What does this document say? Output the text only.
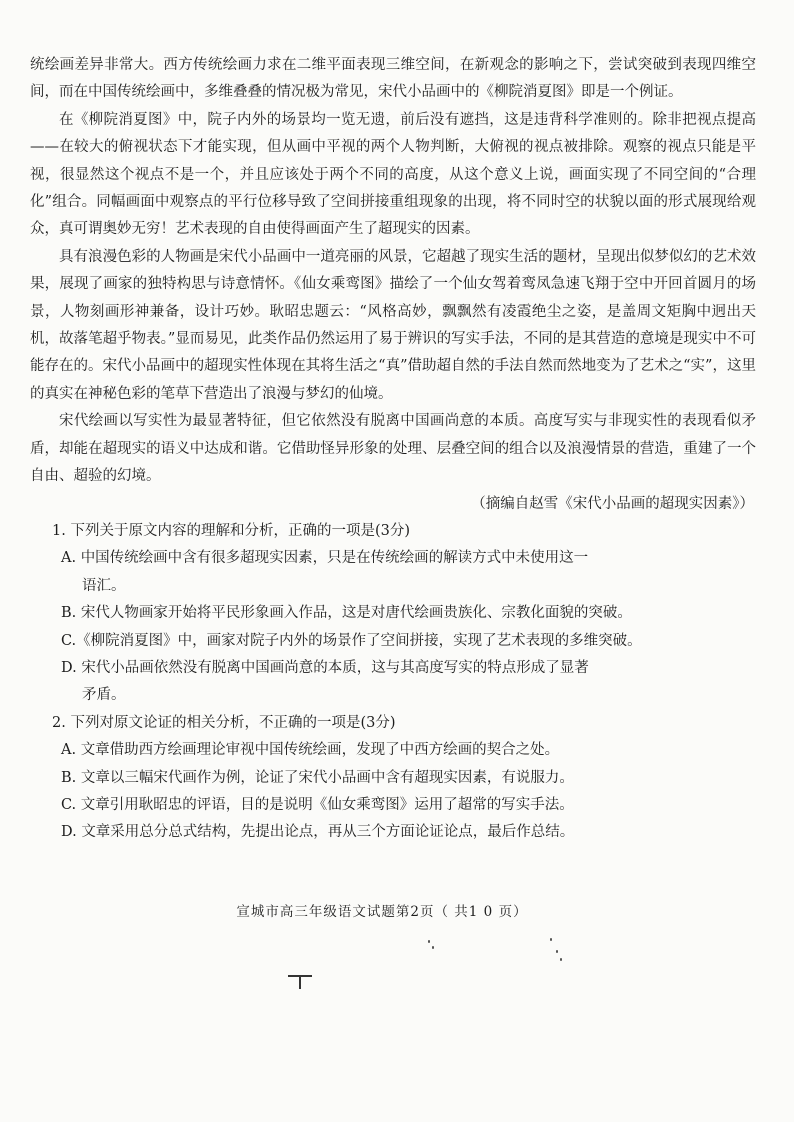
统绘画差异非常大。西方传统绘画力求在二维平面表现三维空间，在新观念的影响之下，尝试突破到表现四维空间，而在中国传统绘画中，多维叠叠的情况极为常见，宋代小品画中的《柳院消夏图》即是一个例证。

在《柳院消夏图》中，院子内外的场景均一览无遗，前后没有遮挡，这是违背科学准则的。除非把视点提高——在较大的俯视状态下才能实现，但从画中平视的两个人物判断，大俯视的视点被排除。观察的视点只能是平视，很显然这个视点不是一个，并且应该处于两个不同的高度，从这个意义上说，画面实现了不同空间的“合理化”组合。同幅画面中观察点的平行位移导致了空间拼接重组现象的出现，将不同时空的状貌以面的形式展现给观众，真可谓奥妙无穷！艺术表现的自由使得画面产生了超现实的因素。

具有浪漫色彩的人物画是宋代小品画中一道亮丽的风景，它超越了现实生活的题材，呈现出似梦似幻的艺术效果，展现了画家的独特构思与诗意情怀。《仙女乘鸾图》描绘了一个仙女驾着鸾凤急速飞翔于空中开回首圆月的场景，人物刻画形神兼备，设计巧妙。耿昭忠题云：“风格高妙，飘飘然有凌霞绝尘之姿，是盖周文矩胸中迥出天机，故落笔超乎物表。”显而易见，此类作品仍然运用了易于辨识的写实手法，不同的是其营造的意境是现实中不可能存在的。宋代小品画中的超现实性体现在其将生活之“真”借助超自然的手法自然而然地变为了艺术之“实”，这里的真实在神秘色彩的笔草下营造出了浪漫与梦幻的仙境。

宋代绘画以写实性为最显著特征，但它依然没有脱离中国画尚意的本质。高度写实与非现实性的表现看似矛盾，却能在超现实的语义中达成和谐。它借助怪异形象的处理、层叠空间的组合以及浪漫情景的营造，重建了一个自由、超验的幻境。

（摘编自赵雪《宋代小品画的超现实因素》）

1. 下列关于原文内容的理解和分析，正确的一项是(3分)

A. 中国传统绘画中含有很多超现实因素，只是在传统绘画的解读方式中未使用这一
语汇。

B. 宋代人物画家开始将平民形象画入作品，这是对唐代绘画贵族化、宗教化面貌的突破。

C.《柳院消夏图》中，画家对院子内外的场景作了空间拼接，实现了艺术表现的多维突破。

D. 宋代小品画依然没有脱离中国画尚意的本质，这与其高度写实的特点形成了显著
矛盾。

2. 下列对原文论证的相关分析，不正确的一项是(3分)

A. 文章借助西方绘画理论审视中国传统绘画，发现了中西方绘画的契合之处。

B. 文章以三幅宋代画作为例，论证了宋代小品画中含有超现实因素，有说服力。

C. 文章引用耿昭忠的评语，目的是说明《仙女乘鸾图》运用了超常的写实手法。

D. 文章采用总分总式结构，先提出论点，再从三个方面论证论点，最后作总结。

宣城市高三年级语文试题第2页（ 共1 0 页）
